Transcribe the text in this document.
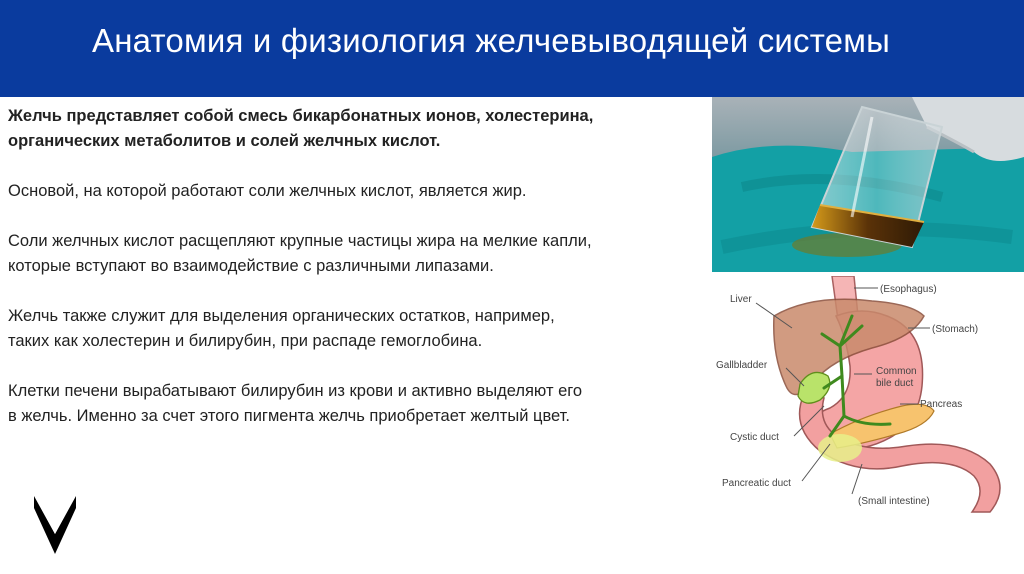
Анатомия и физиология желчевыводящей системы

Желчь представляет собой смесь бикарбонатных ионов, холестерина,
органических метаболитов и солей желчных кислот.

Основой, на которой работают соли желчных кислот, является жир.

Соли желчных кислот расщепляют крупные частицы жира на мелкие капли,
которые вступают во взаимодействие с различными липазами.

Желчь также служит для выделения органических остатков, например,
таких как холестерин и билирубин, при распаде гемоглобина.

Клетки печени вырабатывают билирубин из крови и активно выделяют его
в желчь. Именно за счет этого пигмента желчь приобретает желтый цвет.

Liver
(Esophagus)
(Stomach)
Gallbladder
Common
bile duct
Pancreas
Cystic duct
Pancreatic duct
(Small intestine)
